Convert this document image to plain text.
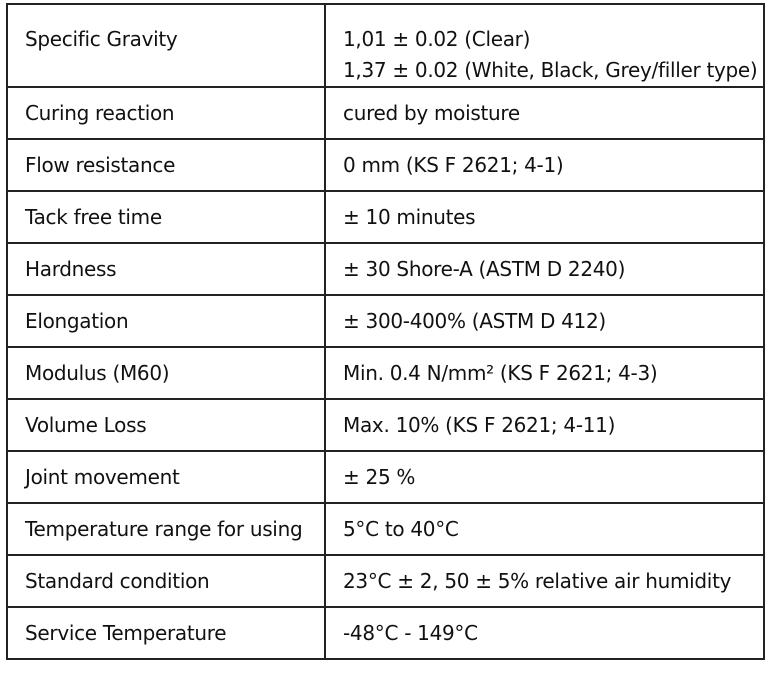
Specific Gravity	1,01 ± 0.02 (Clear)
1,37 ± 0.02 (White, Black, Grey/filler type)

Curing reaction	cured by moisture
Flow resistance	0 mm (KS F 2621; 4-1)
Tack free time	± 10 minutes
Hardness	± 30 Shore-A (ASTM D 2240)
Elongation	± 300-400% (ASTM D 412)
Modulus (M60)	Min. 0.4 N/mm² (KS F 2621; 4-3)
Volume Loss	Max. 10% (KS F 2621; 4-11)
Joint movement	± 25 %
Temperature range for using	5°C to 40°C
Standard condition	23°C ± 2, 50 ± 5% relative air humidity
Service Temperature	-48°C - 149°C
